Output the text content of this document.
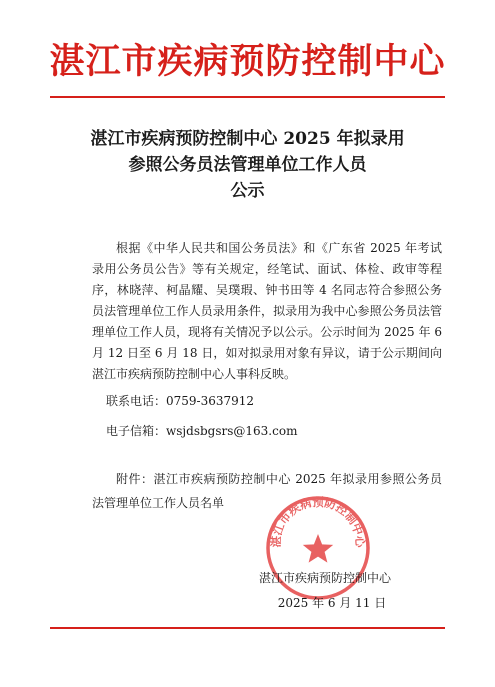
湛江市疾病预防控制中心
湛江市疾病预防控制中心 2025 年拟录用
参照公务员法管理单位工作人员
公示

根据《中华人民共和国公务员法》和《广东省 2025 年考试录用公务员公告》等有关规定，经笔试、面试、体检、政审等程序，林晓萍、柯晶耀、吴璞瑕、钟书田等 4 名同志符合参照公务员法管理单位工作人员录用条件，拟录用为我中心参照公务员法管理单位工作人员，现将有关情况予以公示。公示时间为 2025 年 6 月 12 日至 6 月 18 日，如对拟录用对象有异议，请于公示期间向湛江市疾病预防控制中心人事科反映。

联系电话：0759-3637912
电子信箱：wsjdsbgsrs@163.com

附件：湛江市疾病预防控制中心 2025 年拟录用参照公务员法管理单位工作人员名单

湛江市疾病预防控制中心
湛江市疾病预防控制中心
2025 年 6 月 11 日
